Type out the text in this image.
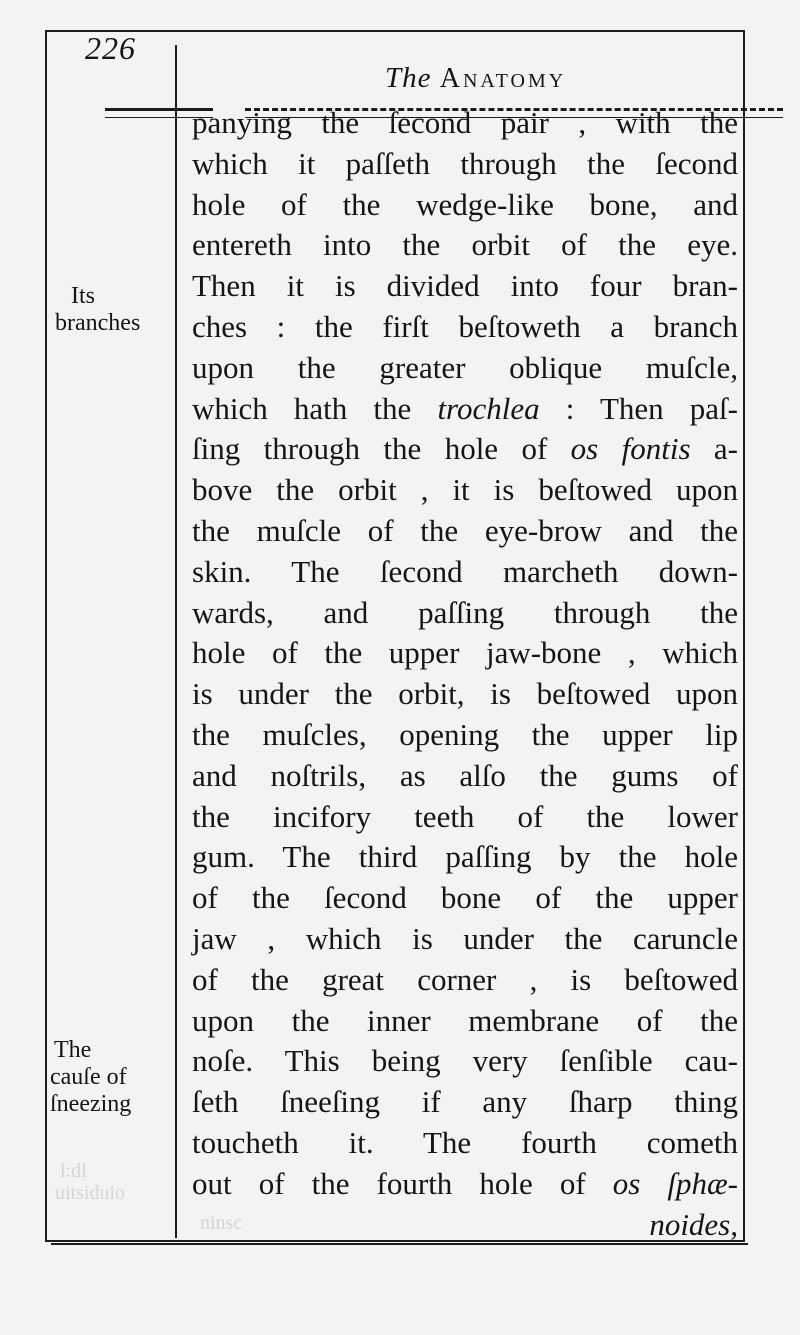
226
The Anatomy
Its
branches
The
cauſe of
ſneezing
panying the ſecond pair , with the
which it paſſeth through the ſecond
hole of the wedge-like bone, and
entereth into the orbit of the eye.
Then it is divided into four bran-
ches : the firſt beſtoweth a branch
upon the greater oblique muſcle,
which hath the trochlea : Then paſ-
ſing through the hole of os fontis a-
bove the orbit , it is beſtowed upon
the muſcle of the eye-brow and the
skin. The ſecond marcheth down-
wards, and paſſing through the
hole of the upper jaw-bone , which
is under the orbit, is beſtowed upon
the muſcles, opening the upper lip
and noſtrils, as alſo the gums of
the incifory teeth of the lower
gum. The third paſſing by the hole
of the ſecond bone of the upper
jaw , which is under the caruncle
of the great corner , is beſtowed
upon the inner membrane of the
noſe. This being very ſenſible cau-
ſeth ſneeſing if any ſharp thing
toucheth it. The fourth cometh
out of the fourth hole of os ſphæ-
noides,
l:dl
uitsiduio
ninsc
